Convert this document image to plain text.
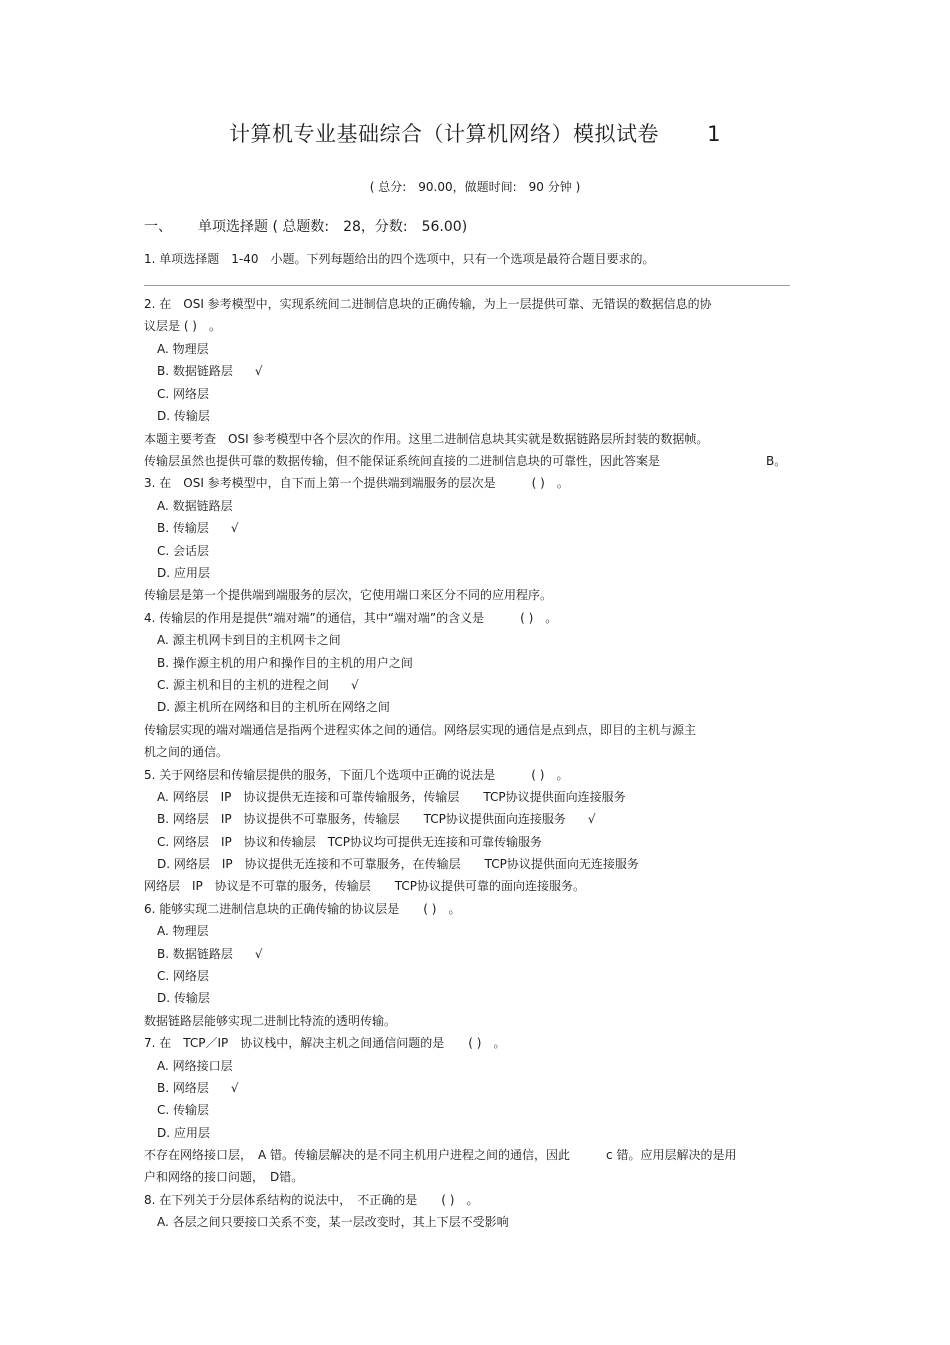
计算机专业基础综合（计算机网络）模拟试卷 1
( 总分:　90.00，做题时间:　90 分钟 )
一、 单项选择题 ( 总题数:　28，分数:　56.00)
1. 单项选择题　1-40　小题。下列每题给出的四个选项中，只有一个选项是最符合题目要求的。
2. 在　OSI 参考模型中，实现系统间二进制信息块的正确传输，为上一层提供可靠、无错误的数据信息的协
议层是 ( )　。
A. 物理层
B. 数据链路层 √
C. 网络层
D. 传输层
本题主要考查　OSI 参考模型中各个层次的作用。这里二进制信息块其实就是数据链路层所封装的数据帧。
传输层虽然也提供可靠的数据传输，但不能保证系统间直接的二进制信息块的可靠性，因此答案是	B。
3. 在　OSI 参考模型中，自下而上第一个提供端到端服务的层次是　　　( )　。
A. 数据链路层
B. 传输层 √
C. 会话层
D. 应用层
传输层是第一个提供端到端服务的层次，它使用端口来区分不同的应用程序。
4. 传输层的作用是提供“端对端”的通信，其中“端对端”的含义是　　　( )　。
A. 源主机网卡到目的主机网卡之间
B. 操作源主机的用户和操作目的主机的用户之间
C. 源主机和目的主机的进程之间 √
D. 源主机所在网络和目的主机所在网络之间
传输层实现的端对端通信是指两个进程实体之间的通信。网络层实现的通信是点到点，即目的主机与源主
机之间的通信。
5. 关于网络层和传输层提供的服务，下面几个选项中正确的说法是　　　( )　。
A. 网络层　IP　协议提供无连接和可靠传输服务，传输层　　TCP协议提供面向连接服务
B. 网络层　IP　协议提供不可靠服务，传输层　　TCP协议提供面向连接服务 √
C. 网络层　IP　协议和传输层　TCP协议均可提供无连接和可靠传输服务
D. 网络层　IP　协议提供无连接和不可靠服务，在传输层　　TCP协议提供面向无连接服务
网络层　IP　协议是不可靠的服务，传输层　　TCP协议提供可靠的面向连接服务。
6. 能够实现二进制信息块的正确传输的协议层是　　( )　。
A. 物理层
B. 数据链路层 √
C. 网络层
D. 传输层
数据链路层能够实现二进制比特流的透明传输。
7. 在　TCP／IP　协议栈中，解决主机之间通信问题的是　　( )　。
A. 网络接口层
B. 网络层 √
C. 传输层
D. 应用层
不存在网络接口层，　A 错。传输层解决的是不同主机用户进程之间的通信，因此　　　c 错。应用层解决的是用
户和网络的接口问题，　D错。
8. 在下列关于分层体系结构的说法中，　不正确的是　　( )　。
A. 各层之间只要接口关系不变，某一层改变时，其上下层不受影响
